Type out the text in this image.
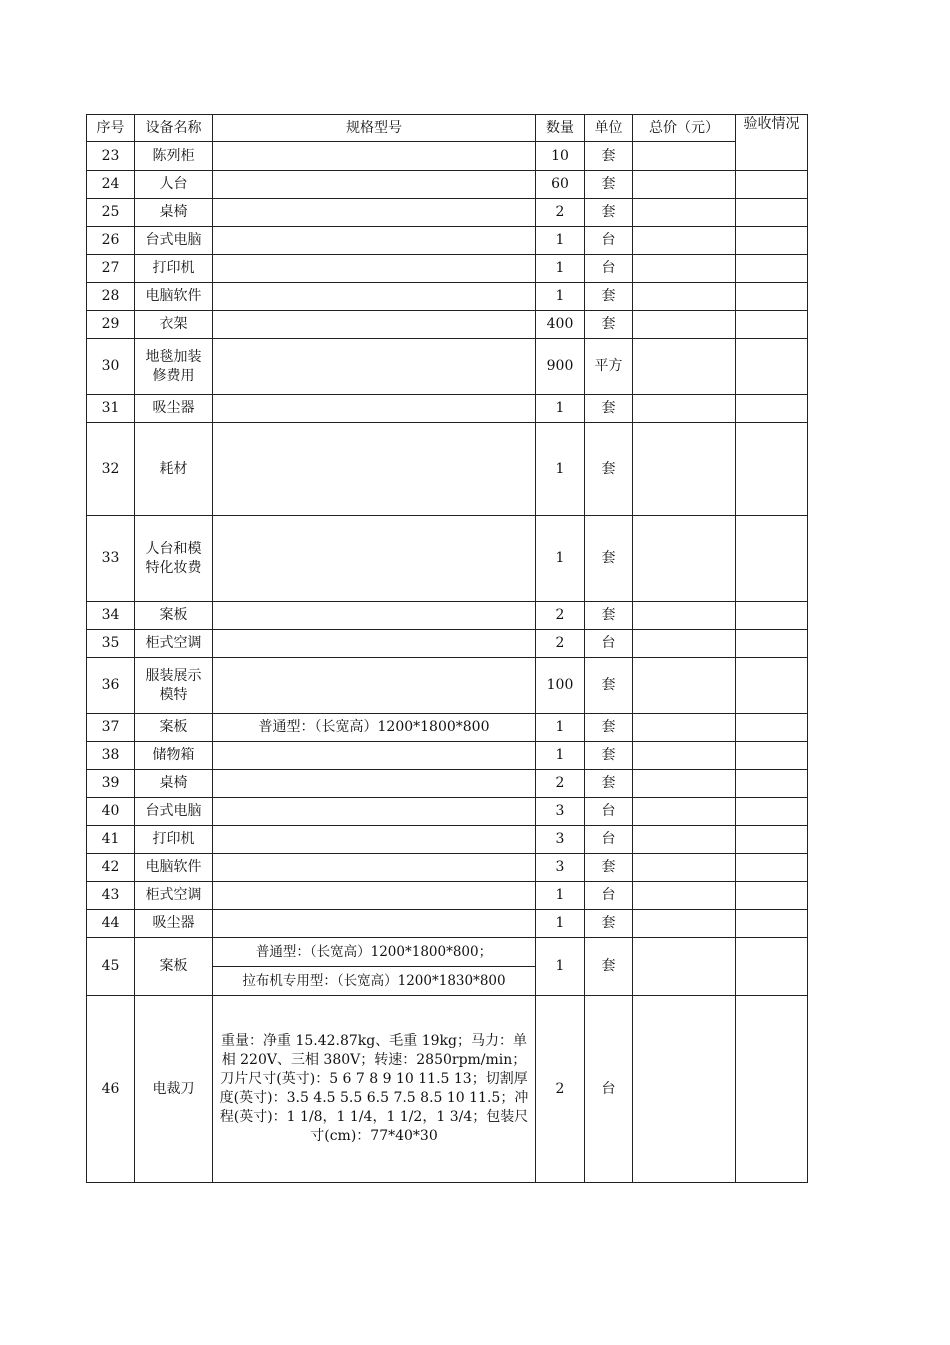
序号	设备名称	规格型号	数量	单位	总价（元）	验收情况
23	陈列柜		10	套		
24	人台		60	套		
25	桌椅		2	套		
26	台式电脑		1	台		
27	打印机		1	台		
28	电脑软件		1	套		
29	衣架		400	套		
30	地毯加装修费用		900	平方		
31	吸尘器		1	套		
32	耗材		1	套		
33	人台和模特化妆费		1	套		
34	案板		2	套		
35	柜式空调		2	台		
36	服装展示模特		100	套		
37	案板	普通型：（长宽高）1200*1800*800	1	套		
38	储物箱		1	套		
39	桌椅		2	套		
40	台式电脑		3	台		
41	打印机		3	台		
42	电脑软件		3	套		
43	柜式空调		1	台		
44	吸尘器		1	套		
45	案板	普通型：（长宽高）1200*1800*800；
拉布机专用型：（长宽高）1200*1830*800	1	套		
46	电裁刀	重量：净重 15.42.87kg、毛重 19kg；马力：单相 220V、三相 380V；转速：2850rpm/min；刀片尺寸(英寸)：5 6 7 8 9 10 11.5 13；切割厚度(英寸)：3.5 4.5 5.5 6.5 7.5 8.5 10 11.5；冲程(英寸)：1 1/8，1 1/4，1 1/2，1 3/4；包装尺寸(cm)：77*40*30	2	台		
